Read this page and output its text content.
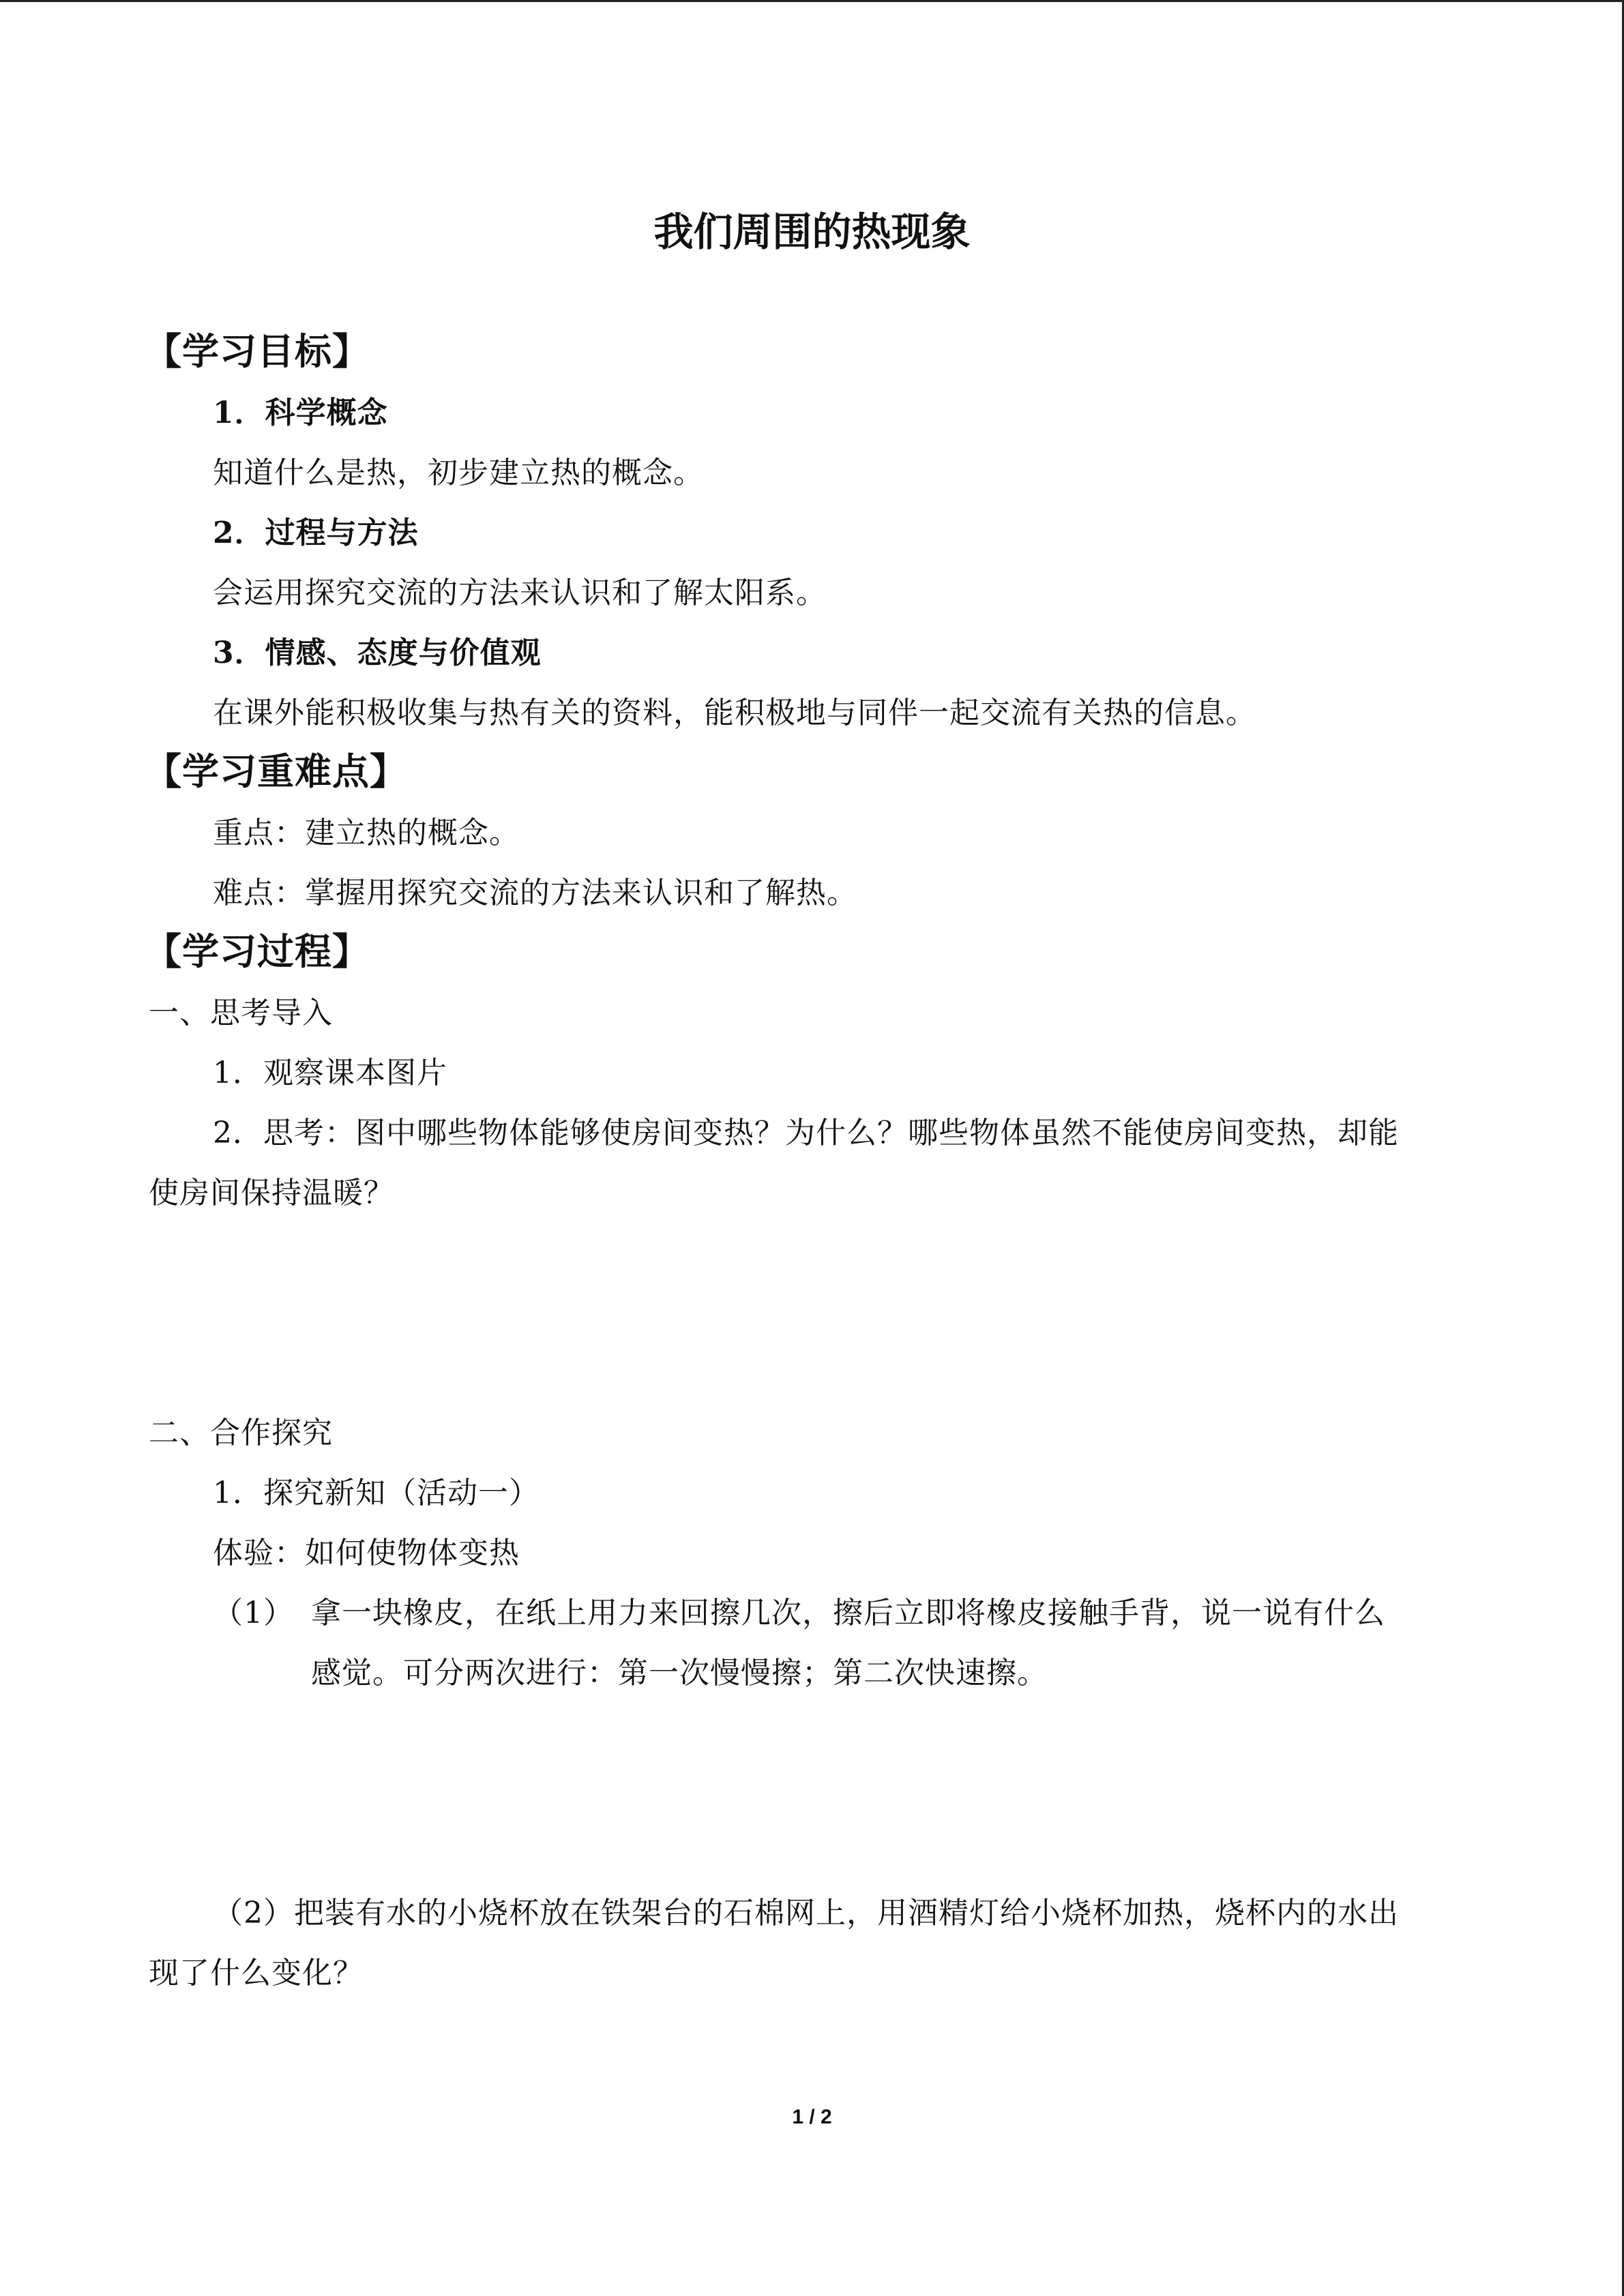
我们周围的热现象
【学习目标】
1．科学概念
知道什么是热，初步建立热的概念。
2．过程与方法
会运用探究交流的方法来认识和了解太阳系。
3．情感、态度与价值观
在课外能积极收集与热有关的资料，能积极地与同伴一起交流有关热的信息。
【学习重难点】
重点：建立热的概念。
难点：掌握用探究交流的方法来认识和了解热。
【学习过程】
一、思考导入
1．观察课本图片
2．思考：图中哪些物体能够使房间变热？为什么？哪些物体虽然不能使房间变热，却能
使房间保持温暖？
二、合作探究
1．探究新知（活动一）
体验：如何使物体变热
（1） 拿一块橡皮，在纸上用力来回擦几次，擦后立即将橡皮接触手背，说一说有什么
感觉。可分两次进行：第一次慢慢擦；第二次快速擦。
（2）把装有水的小烧杯放在铁架台的石棉网上，用酒精灯给小烧杯加热，烧杯内的水出
现了什么变化？
1 / 2
